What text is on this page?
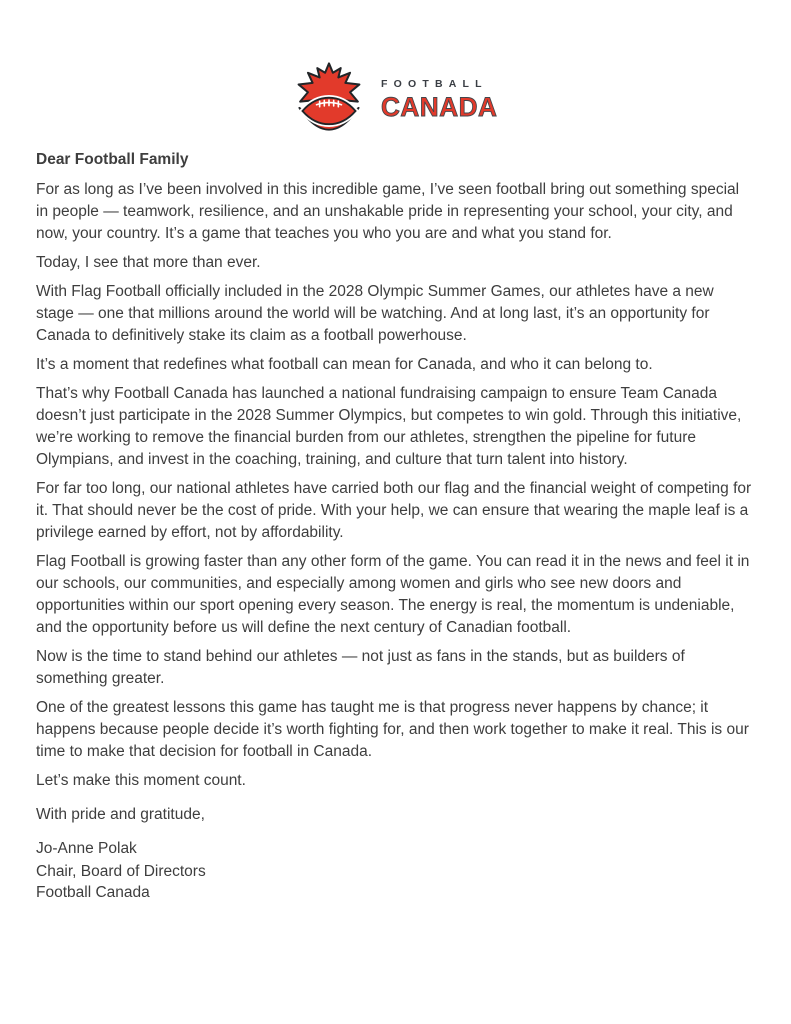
FOOTBALL
CANADA

Dear Football Family

For as long as I’ve been involved in this incredible game, I’ve seen football bring out something special in people — teamwork, resilience, and an unshakable pride in representing your school, your city, and now, your country. It’s a game that teaches you who you are and what you stand for.

Today, I see that more than ever.

With Flag Football officially included in the 2028 Olympic Summer Games, our athletes have a new stage — one that millions around the world will be watching. And at long last, it’s an opportunity for Canada to definitively stake its claim as a football powerhouse.

It’s a moment that redefines what football can mean for Canada, and who it can belong to.

That’s why Football Canada has launched a national fundraising campaign to ensure Team Canada doesn’t just participate in the 2028 Summer Olympics, but competes to win gold. Through this initiative, we’re working to remove the financial burden from our athletes, strengthen the pipeline for future Olympians, and invest in the coaching, training, and culture that turn talent into history.

For far too long, our national athletes have carried both our flag and the financial weight of competing for it. That should never be the cost of pride. With your help, we can ensure that wearing the maple leaf is a privilege earned by effort, not by affordability.

Flag Football is growing faster than any other form of the game. You can read it in the news and feel it in our schools, our communities, and especially among women and girls who see new doors and opportunities within our sport opening every season. The energy is real, the momentum is undeniable, and the opportunity before us will define the next century of Canadian football.

Now is the time to stand behind our athletes — not just as fans in the stands, but as builders of something greater.

One of the greatest lessons this game has taught me is that progress never happens by chance; it happens because people decide it’s worth fighting for, and then work together to make it real. This is our time to make that decision for football in Canada.

Let’s make this moment count.

With pride and gratitude,

Jo-Anne Polak

Chair, Board of Directors
Football Canada
